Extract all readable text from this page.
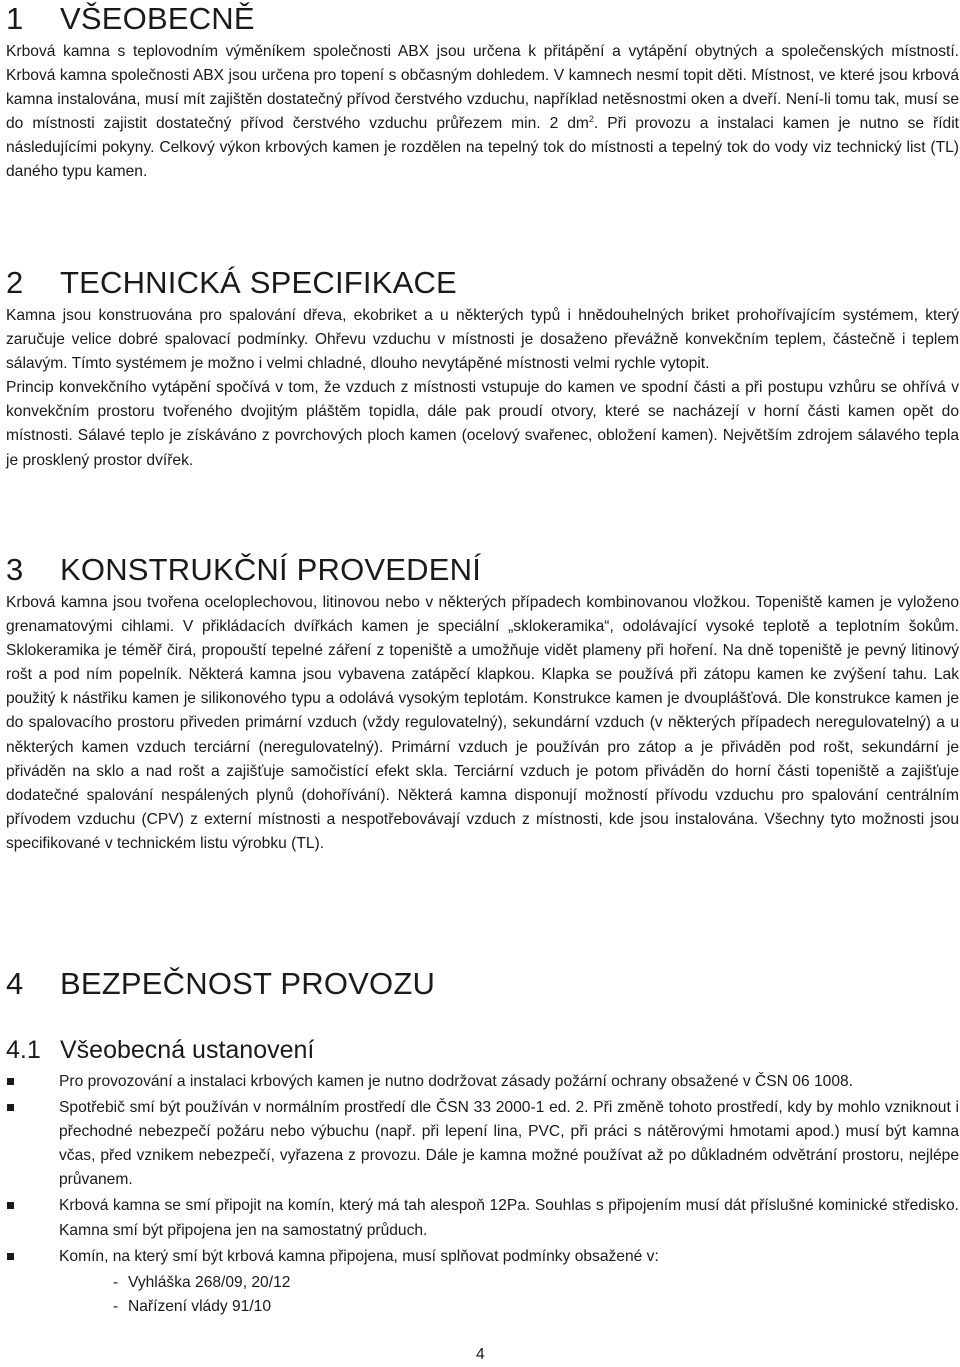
1	VŠEOBECNĚ

Krbová kamna s teplovodním výměníkem společnosti ABX jsou určena k přitápění a vytápění obytných a společenských místností. Krbová kamna společnosti ABX jsou určena pro topení s občasným dohledem. V kamnech nesmí topit děti. Místnost, ve které jsou krbová kamna instalována, musí mít zajištěn dostatečný přívod čerstvého vzduchu, například netěsnostmi oken a dveří. Není-li tomu tak, musí se do místnosti zajistit dostatečný přívod čerstvého vzduchu průřezem min. 2 $dm^2$. Při provozu a instalaci kamen je nutno se řídit následujícími pokyny. Celkový výkon krbových kamen je rozdělen na tepelný tok do místnosti a tepelný tok do vody viz technický list (TL) daného typu kamen.

2	TECHNICKÁ SPECIFIKACE

Kamna jsou konstruována pro spalování dřeva, ekobriket a u některých typů i hnědouhelných briket prohořívajícím systémem, který zaručuje velice dobré spalovací podmínky. Ohřevu vzduchu v místnosti je dosaženo převážně konvekčním teplem, částečně i teplem sálavým. Tímto systémem je možno i velmi chladné, dlouho nevytápěné místnosti velmi rychle vytopit.

Princip konvekčního vytápění spočívá v tom, že vzduch z místnosti vstupuje do kamen ve spodní části a při postupu vzhůru se ohřívá v konvekčním prostoru tvořeného dvojitým pláštěm topidla, dále pak proudí otvory, které se nacházejí v horní části kamen opět do místnosti. Sálavé teplo je získáváno z povrchových ploch kamen (ocelový svařenec, obložení kamen). Největším zdrojem sálavého tepla je prosklený prostor dvířek.

3	KONSTRUKČNÍ PROVEDENÍ

Krbová kamna jsou tvořena oceloplechovou, litinovou nebo v některých případech kombinovanou vložkou. Topeniště kamen je vyloženo grenamatovými cihlami. V přikládacích dvířkách kamen je speciální „sklokeramika“, odolávající vysoké teplotě a teplotním šokům. Sklokeramika je téměř čirá, propouští tepelné záření z topeniště a umožňuje vidět plameny při hoření. Na dně topeniště je pevný litinový rošt a pod ním popelník. Některá kamna jsou vybavena zatápěcí klapkou. Klapka se používá při zátopu kamen ke zvýšení tahu. Lak použitý k nástřiku kamen je silikonového typu a odolává vysokým teplotám. Konstrukce kamen je dvouplášťová. Dle konstrukce kamen je do spalovacího prostoru přiveden primární vzduch (vždy regulovatelný), sekundární vzduch (v některých případech neregulovatelný) a u některých kamen vzduch terciární (neregulovatelný). Primární vzduch je používán pro zátop a je přiváděn pod rošt, sekundární je přiváděn na sklo a nad rošt a zajišťuje samočistící efekt skla. Terciární vzduch je potom přiváděn do horní části topeniště a zajišťuje dodatečné spalování nespálených plynů (dohořívání). Některá kamna disponují možností přívodu vzduchu pro spalování centrálním přívodem vzduchu (CPV) z externí místnosti a nespotřebovávají vzduch z místnosti, kde jsou instalována. Všechny tyto možnosti jsou specifikované v technickém listu výrobku (TL).

4	BEZPEČNOST PROVOZU
4.1 Všeobecná ustanovení
Pro provozování a instalaci krbových kamen je nutno dodržovat zásady požární ochrany obsažené v ČSN 06 1008.
Spotřebič smí být používán v normálním prostředí dle ČSN 33 2000-1 ed. 2. Při změně tohoto prostředí, kdy by mohlo vzniknout i přechodné nebezpečí požáru nebo výbuchu (např. při lepení lina, PVC, při práci s nátěrovými hmotami apod.) musí být kamna včas, před vznikem nebezpečí, vyřazena z provozu. Dále je kamna možné používat až po důkladném odvětrání prostoru, nejlépe průvanem.
Krbová kamna se smí připojit na komín, který má tah alespoň 12Pa. Souhlas s připojením musí dát příslušné kominické středisko. Kamna smí být připojena jen na samostatný průduch.
Komín, na který smí být krbová kamna připojena, musí splňovat podmínky obsažené v:
- Vyhláška 268/09, 20/12
- Nařízení vlády 91/10
4
